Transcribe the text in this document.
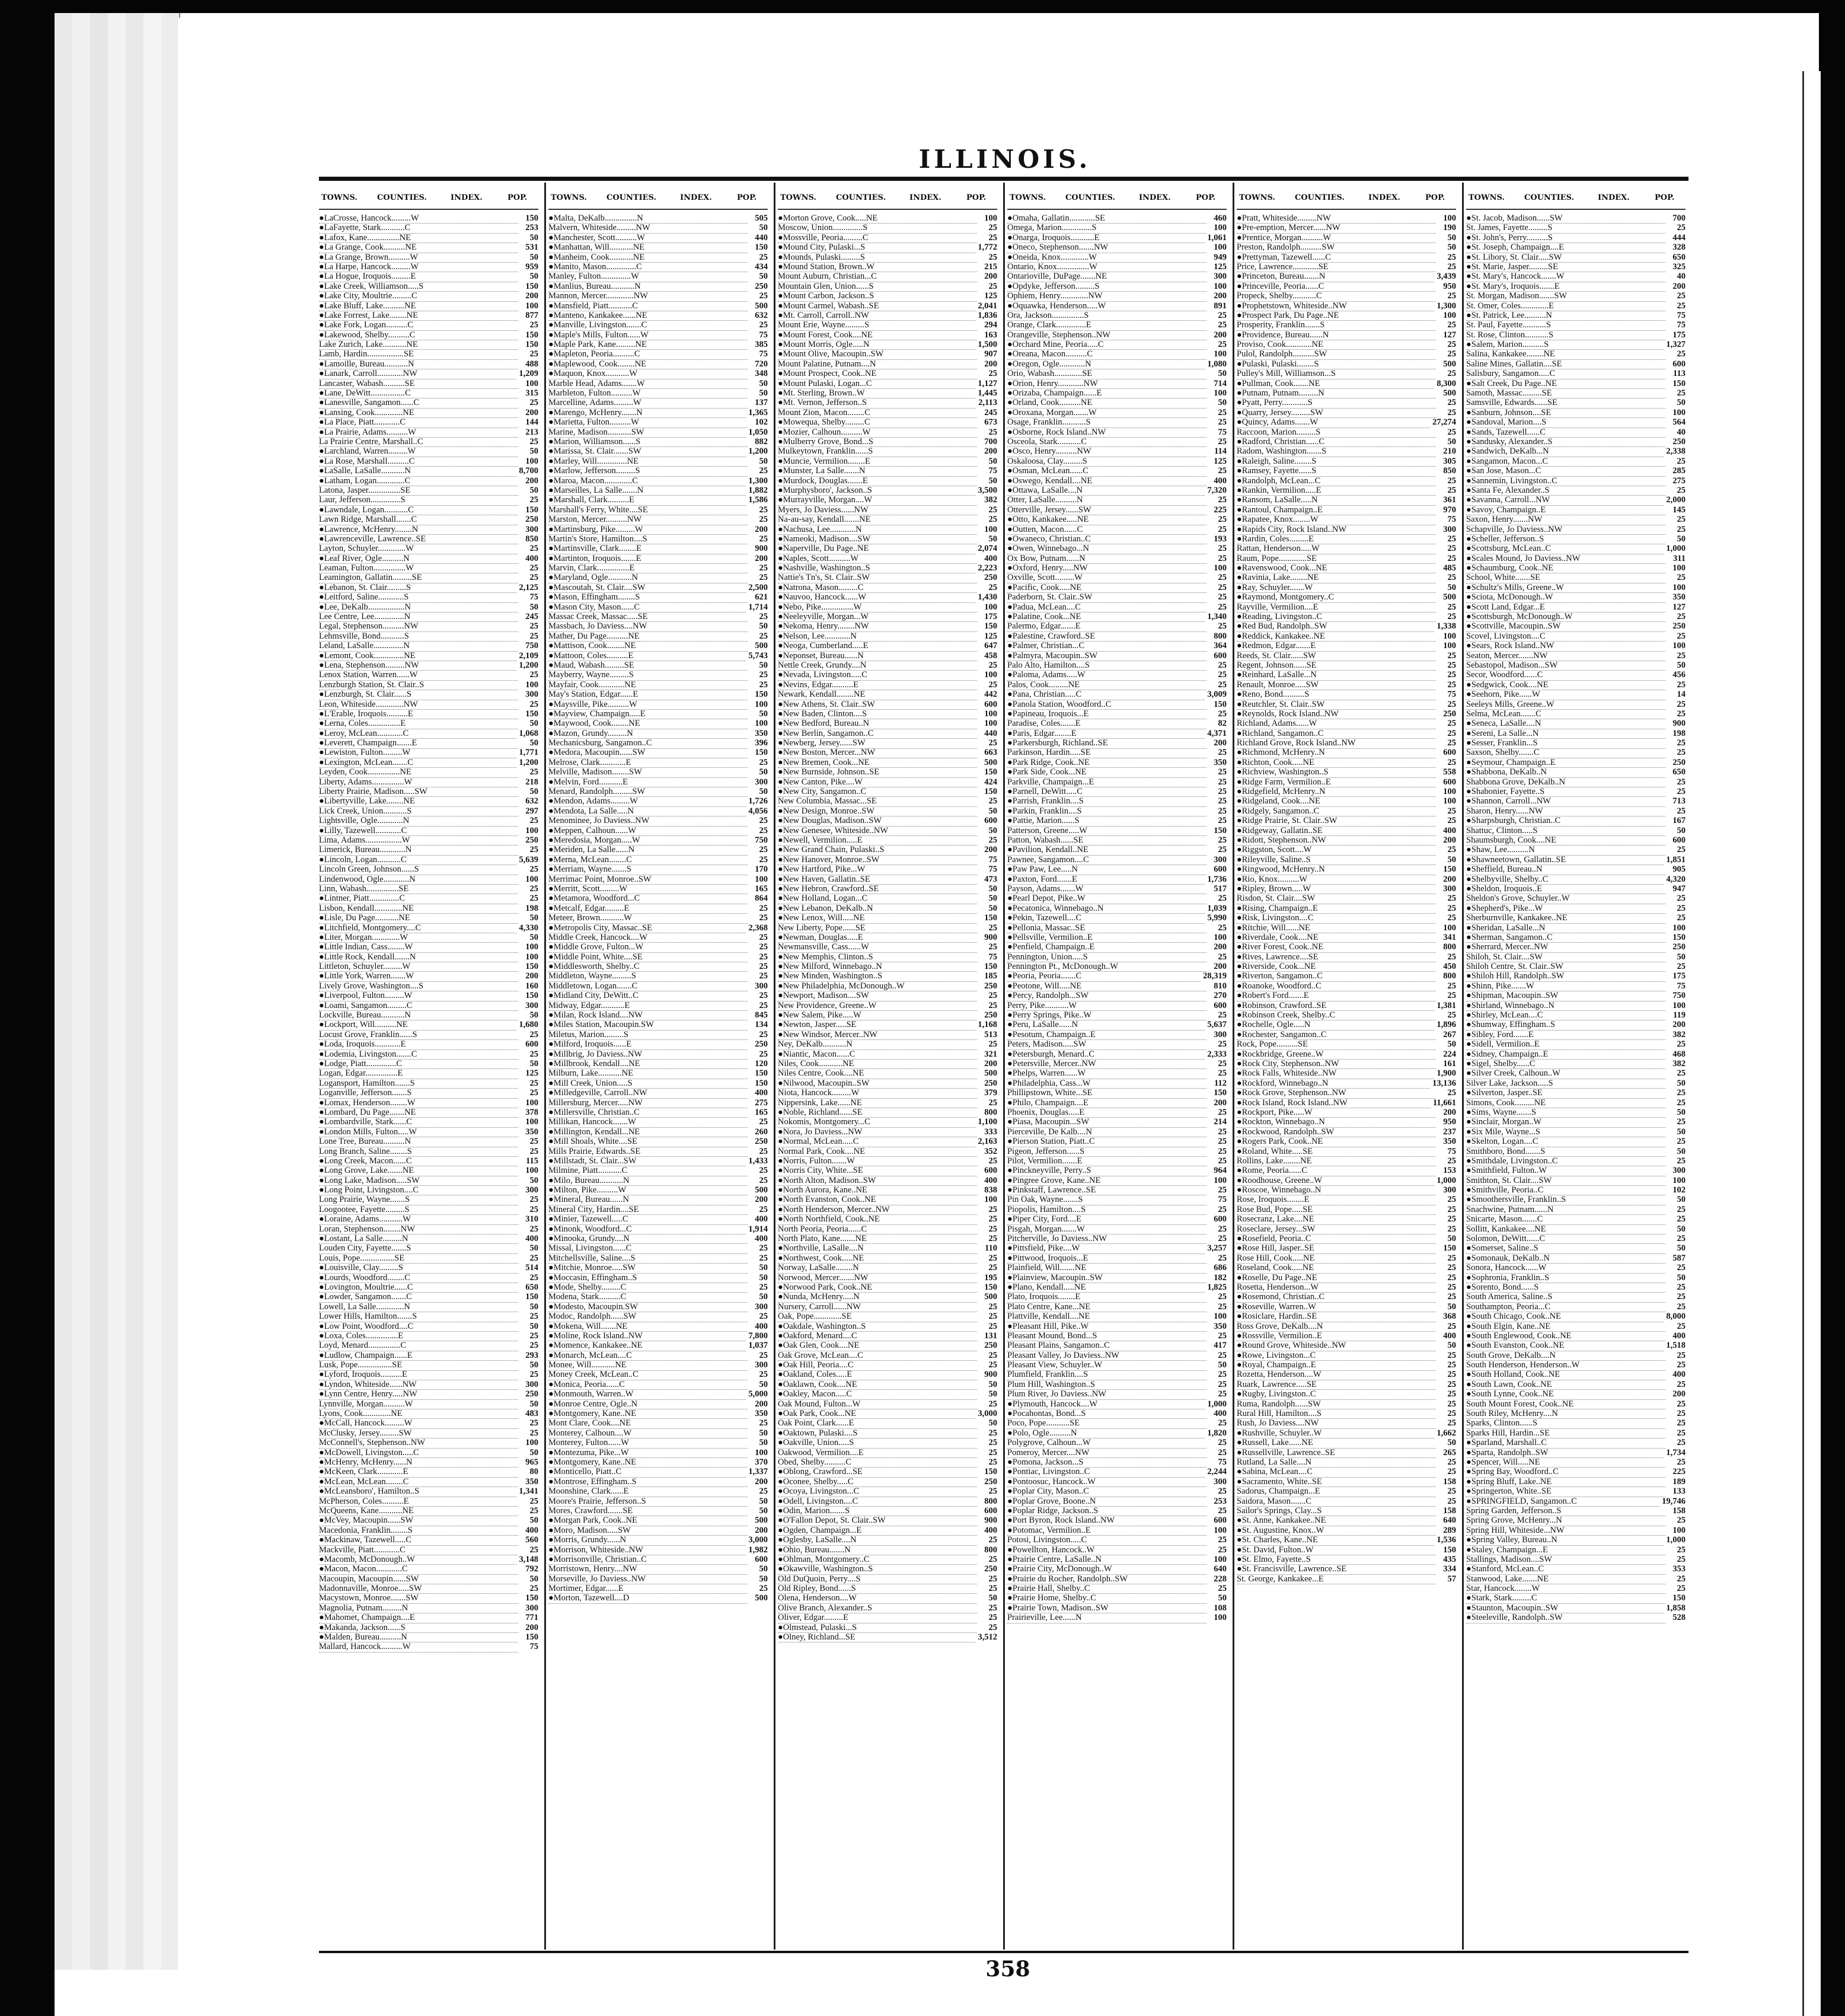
ILLINOIS.
TOWNS.	COUNTIES.	INDEX.	POP.
●LaCrosse, Hancock.........W	150
●LaFayette, Stark...........C	253
●Lafox, Kane...............NE	50
●La Grange, Cook..........NE	531
●La Grange, Brown..........W	50
●La Harpe, Hancock.........W	959
●La Hogue, Iroquois.........E	50
●Lake Creek, Williamson.....S	150
●Lake City, Moultrie.........C	200
●Lake Bluff, Lake..........NE	100
●Lake Forrest, Lake........NE	877
●Lake Fork, Logan..........C	25
●Lakewood, Shelby..........C	150
Lake Zurich, Lake...........NE	150
Lamb, Hardin.................SE	25
●Lamoille, Bureau...........N	488
●Lanark, Carroll............NW	1,209
Lancaster, Wabash..........SE	100
●Lane, DeWitt................C	315
●Lanesville, Sangamon......C	25
●Lansing, Cook.............NE	200
●La Place, Piatt............C	144
●La Prairie, Adams..........W	213
La Prairie Centre, Marshall..C	25
●Larchland, Warren.........W	50
●La Rose, Marshall..........C	100
●LaSalle, LaSalle...........N	8,700
●Latham, Logan.............C	200
Latona, Jasper...............SE	50
Laur, Jefferson..............S	25
●Lawndale, Logan...........C	150
Lawn Ridge, Marshall.......C	250
●Lawrence, McHenry........N	300
●Lawrenceville, Lawrence..SE	850
Layton, Schuyler.............W	25
●Leaf River, Ogle..........N	400
Leaman, Fulton...............W	25
Leamington, Gallatin.........SE	25
●Lebanon, St. Clair.........S	2,125
●Leitford, Saline............S	75
●Lee, DeKalb.................N	50
Lee Centre, Lee..............N	245
Legal, Stephenson..........NW	25
Lehmsville, Bond...........S	25
Leland, LaSalle..............N	750
●Lemont, Cook..............NE	2,109
●Lena, Stephenson.........NW	1,200
Lenox Station, Warren......W	25
Lenzburgh Station, St. Clair..S	100
●Lenzburgh, St. Clair......S	300
Leon, Whiteside.............NW	25
●L'Erable, Iroquois..........E	150
●Lerna, Coles...............E	50
●Leroy, McLean............C	1,068
●Leverett, Champaign.......E	50
●Lewiston, Fulton.........W	1,771
●Lexington, McLean.......C	1,200
Leyden, Cook...............NE	25
Liberty, Adams...............W	218
Liberty Prairie, Madison.....SW	50
●Libertyville, Lake........NE	632
Lick Creek, Union...........S	297
Lightsville, Ogle............N	25
●Lilly, Tazewell............C	100
Lima, Adams.................W	250
Limerick, Bureau............N	25
●Lincoln, Logan...........C	5,639
Lincoln Green, Johnson......S	25
Lindenwood, Ogle............N	100
Linn, Wabash...............SE	25
●Lintner, Piatt..............C	25
Lisbon, Kendall.............NE	198
●Lisle, Du Page...........NE	50
●Litchfield, Montgomery....C	4,330
●Liter, Morgan.............W	50
●Little Indian, Cass........W	100
●Little Rock, Kendall.......N	100
Littleton, Schuyler.........W	150
●Little York, Warren.......W	200
Lively Grove, Washington....S	160
●Liverpool, Fulton.........W	150
●Loami, Sangamon.........C	300
Lockville, Bureau...........N	50
●Lockport, Will..........NE	1,680
Locust Grove, Franklin......S	25
●Loda, Iroquois............E	600
●Lodemia, Livingston.......C	25
●Lodge, Piatt..............C	50
Logan, Edgar...............E	125
Logansport, Hamilton.......S	25
Loganville, Jefferson.......S	25
●Lomax, Henderson........W	100
●Lombard, Du Page.......NE	378
●Lombardville, Stark......C	100
●London Mills, Fulton.....W	350
Lone Tree, Bureau..........N	25
Long Branch, Saline........S	25
●Long Creek, Macon......C	115
●Long Grove, Lake.......NE	100
●Long Lake, Madison.....SW	50
●Long Point, Livingston....C	300
Long Prairie, Wayne.......S	25
Loogootee, Fayette.........S	25
●Loraine, Adams...........W	310
Loran, Stephenson........NW	25
●Lostant, La Salle.........N	400
Louden City, Fayette.......S	50
Louis, Pope................SE	25
●Louisville, Clay.........S	514
●Lourds, Woodford........C	25
●Lovington, Moultrie......C	650
●Lowder, Sangamon.......C	150
Lowell, La Salle.............N	50
Lower Hills, Hamilton.......S	25
●Low Point, Woodford....C	50
●Loxa, Coles...............E	25
Loyd, Menard...............C	25
●Ludlow, Champaign......E	293
Lusk, Pope................SE	50
●Lyford, Iroquois..........E	25
●Lyndon, Whiteside......NW	300
●Lynn Centre, Henry.....NW	250
Lynnville, Morgan..........W	50
Lyons, Cook.............NE	483
●McCall, Hancock.........W	25
McClusky, Jersey.........SW	25
McConnell's, Stephenson..NW	100
●McDowell, Livingston.....C	50
●McHenry, McHenry......N	965
●McKeen, Clark............E	80
●McLean, McLean........C	350
●McLeansboro', Hamilton..S	1,341
McPherson, Coles..........E	25
McQueens, Kane...........NE	25
●McVey, Macoupin......SW	50
Macedonia, Franklin........S	400
●Mackinaw, Tazewell.....C	560
Mackville, Piatt............C	25
●Macomb, McDonough..W	3,148
●Macon, Macon............C	792
Macoupin, Macoupin......SW	50
Madonnaville, Monroe.....SW	25
Macystown, Monroe.......SW	150
Magnolia, Putnam.........N	300
●Mahomet, Champaign....E	771
●Makanda, Jackson......S	200
●Malden, Bureau..........N	150
Mallard, Hancock..........W	75
TOWNS.	COUNTIES.	INDEX.	POP.
●Malta, DeKalb...............N	505
Malvern, Whiteside.........NW	50
●Manchester, Scott..........W	440
●Manhattan, Will...........NE	150
●Manheim, Cook...........NE	25
●Manito, Mason..............C	434
Manley, Fulton..............W	50
●Manlius, Bureau...........N	250
Mannon, Mercer.............NW	25
●Mansfield, Piatt...........C	500
●Manteno, Kankakee......NE	632
●Manville, Livingston.......C	25
●Maple's Mills, Fulton......W	75
●Maple Park, Kane.........NE	385
●Mapleton, Peoria..........C	75
●Maplewood, Cook........NE	720
●Maquon, Knox...........W	348
Marble Head, Adams.......W	50
Marbleton, Fulton..........W	50
Marcelline, Adams.........W	137
●Marengo, McHenry.......N	1,365
●Marietta, Fulton..........W	102
Marine, Madison...........SW	1,050
●Marion, Williamson......S	882
●Marissa, St. Clair.......SW	1,200
●Marley, Will..............NE	50
●Marlow, Jefferson.........S	25
●Maroa, Macon.............C	1,300
●Marseilles, La Salle.......N	1,882
●Marshall, Clark..........E	1,586
Marshall's Ferry, White....SE	25
Marston, Mercer..........NW	25
●Martinsburg, Pike.........W	200
Martin's Store, Hamilton....S	25
●Martinsville, Clark........E	900
●Martinton, Iroquois.......E	200
Marvin, Clark...............E	25
●Maryland, Ogle...........N	25
●Mascoutah, St. Clair....SW	2,500
●Mason, Effingham........S	621
●Mason City, Mason......C	1,714
Massac Creek, Massac.....SE	25
Massbach, Jo Daviess....NW	50
Mather, Du Page..........NE	25
●Mattison, Cook........NE	500
●Mattoon, Coles..........E	5,743
●Maud, Wabash.........SE	50
Mayberry, Wayne.........S	25
Mayfair, Cook............NE	25
May's Station, Edgar......E	150
●Maysville, Pike..........W	100
●Mayview, Champaign.....E	50
●Maywood, Cook........NE	100
●Mazon, Grundy.........N	350
Mechanicsburg, Sangamon..C	396
●Medora, Macoupin......SW	150
Melrose, Clark............E	25
Melville, Madison........SW	50
●Melvin, Ford...........E	300
Menard, Randolph.........SW	50
●Mendon, Adams.........W	1,726
●Mendota, La Salle.....N	4,056
Menominee, Jo Daviess..NW	25
●Meppen, Calhoun......W	25
●Meredosia, Morgan.....W	750
●Meriden, La Salle......N	25
●Merna, McLean........C	25
●Merriam, Wayne.......S	170
Merrimac Point, Monroe..SW	100
●Merritt, Scott.........W	165
●Metamora, Woodford...C	864
●Metcalf, Edgar.........E	25
Meteer, Brown...........W	25
●Metropolis City, Massac..SE	2,368
Middle Creek, Hancock....W	25
●Middle Grove, Fulton...W	25
●Middle Point, White....SE	25
●Middlesworth, Shelby..C	25
Middleton, Wayne.........S	25
Middletown, Logan.......C	300
●Midland City, DeWitt..C	25
Midway, Edgar...........E	25
●Milan, Rock Island....NW	845
●Miles Station, Macoupin.SW	134
Miletus, Marion.........S	25
●Milford, Iroquois......E	250
●Millbrig, Jo Daviess..NW	25
●Millbrook, Kendall....NE	120
Milburn, Lake...........NE	150
●Mill Creek, Union.....S	150
●Milledgeville, Carroll..NW	400
Millersburg, Mercer.....NW	275
●Millersville, Christian..C	165
Millikan, Hancock.......W	25
●Millington, Kendall...NE	260
●Mill Shoals, White....SE	250
Mills Prairie, Edwards..SE	25
●Millstadt, St. Clair...SW	1,433
Milmine, Piatt...........C	25
●Milo, Bureau...........N	25
●Milton, Pike..........W	500
●Mineral, Bureau......N	200
Mineral City, Hardin....SE	25
●Minier, Tazewell.....C	400
●Minonk, Woodford...C	1,914
●Minooka, Grundy....N	400
Missal, Livingston......C	25
Mitchellsville, Saline....S	25
●Mitchie, Monroe.....SW	50
●Moccasin, Effingham..S	50
●Mode, Shelby.........C	25
Modena, Stark..........C	50
●Modesto, Macoupin.SW	300
Modoc, Randolph......SW	25
●Mokena, Will.......NE	400
●Moline, Rock Island..NW	7,800
●Momence, Kankakee..NE	1,037
●Monarch, McLean....C	25
Monee, Will...........NE	300
Money Creek, McLean..C	25
●Monica, Peoria......C	50
●Monmouth, Warren..W	5,000
●Monroe Centre, Ogle..N	200
●Montgomery, Kane..NE	350
Mont Clare, Cook....NE	25
Monterey, Calhoun....W	50
Monterey, Fulton......W	50
●Montezuma, Pike...W	100
●Montgomery, Kane..NE	370
●Monticello, Piatt..C	1,337
●Montrose, Effingham..S	200
Moonshine, Clark......E	25
Moore's Prairie, Jefferson..S	50
Mores, Crawford.......SE	50
●Morgan Park, Cook..NE	500
●Moro, Madison.....SW	200
●Morris, Grundy......N	3,000
●Morrison, Whiteside..NW	1,982
●Morrisonville, Christian..C	600
Morristown, Henry....NW	50
Morseville, Jo Daviess..NW	50
Mortimer, Edgar......E	25
●Morton, Tazewell....D	500
TOWNS.	COUNTIES.	INDEX.	POP.
●Morton Grove, Cook.....NE	100
Moscow, Union..............S	25
●Mossville, Peoria.........C	25
●Mound City, Pulaski...S	1,772
●Mounds, Pulaski.........S	25
●Mound Station, Brown..W	215
Mount Auburn, Christian...C	200
Mountain Glen, Union......S	25
●Mount Carbon, Jackson..S	125
●Mount Carmel, Wabash..SE	2,041
●Mt. Carroll, Carroll..NW	1,836
Mount Erie, Wayne.........S	294
●Mount Forest, Cook....NE	163
●Mount Morris, Ogle.....N	1,500
●Mount Olive, Macoupin..SW	907
Mount Palatine, Putnam....N	200
●Mount Prospect, Cook..NE	25
●Mount Pulaski, Logan...C	1,127
●Mt. Sterling, Brown..W	1,445
●Mt. Vernon, Jefferson..S	2,113
Mount Zion, Macon........C	245
●Mowequa, Shelby.........C	673
●Mozier, Calhoun..........W	25
●Mulberry Grove, Bond...S	700
Mulkeytown, Franklin......S	200
●Muncie, Vermilion........E	50
●Munster, La Salle.......N	75
●Murdock, Douglas.......E	50
●Murphysboro', Jackson..S	3,500
●Murrayville, Morgan....W	382
Myers, Jo Daviess......NW	25
Na-au-say, Kendall.......NE	25
●Nachusa, Lee............N	100
●Nameoki, Madison....SW	50
●Naperville, Du Page..NE	2,074
●Naples, Scott..........W	400
●Nashville, Washington..S	2,223
Nattie's Tn's, St. Clair..SW	250
●Natrona, Mason.........C	25
●Nauvoo, Hancock......W	1,430
●Nebo, Pike...............W	100
●Neeleyville, Morgan...W	175
●Nekoma, Henry........NW	150
●Nelson, Lee............N	125
●Neoga, Cumberland.....E	647
●Neponset, Bureau......N	458
Nettle Creek, Grundy....N	25
●Nevada, Livingston.....C	100
●Nevins, Edgar..........E	25
Newark, Kendall........NE	442
●New Athens, St. Clair..SW	600
●New Baden, Clinton....S	100
●New Bedford, Bureau..N	100
●New Berlin, Sangamon..C	440
●Newberg, Jersey......SW	25
●New Boston, Mercer...NW	663
●New Bremen, Cook...NE	500
●New Burnside, Johnson..SE	150
●New Canton, Pike....W	424
●New City, Sangamon..C	150
New Columbia, Massac...SE	25
●New Design, Monroe..SW	50
●New Douglas, Madison..SW	600
●New Genesee, Whiteside..NW	50
●Newell, Vermilion.....E	25
●New Grand Chain, Pulaski..S	200
●New Hanover, Monroe..SW	75
●New Hartford, Pike...W	75
●New Haven, Gallatin..SE	473
●New Hebron, Crawford..SE	50
●New Holland, Logan...C	50
●New Lebanon, DeKalb..N	50
●New Lenox, Will.....NE	150
New Liberty, Pope......SE	25
●Newman, Douglas.....E	900
Newmansville, Cass......W	25
●New Memphis, Clinton..S	75
●New Milford, Winnebago..N	150
●New Minden, Washington..S	185
●New Philadelphia, McDonough..W	250
●Newport, Madison....SW	25
New Providence, Greene..W	25
●New Salem, Pike.....W	250
●Newton, Jasper.....SE	1,168
●New Windsor, Mercer..NW	513
Ney, DeKalb...........N	25
●Niantic, Macon......C	321
Niles, Cook...........NE	200
Niles Centre, Cook....NE	500
●Nilwood, Macoupin..SW	250
Niota, Hancock.........W	379
Nippersink, Lake......NE	25
●Noble, Richland......SE	800
Nokomis, Montgomery...C	1,100
●Nora, Jo Daviess...NW	333
●Normal, McLean.....C	2,163
Normal Park, Cook....NE	352
●Norris, Fulton.......W	25
●Norris City, White...SE	600
●North Alton, Madison..SW	400
●North Aurora, Kane..NE	838
●North Evanston, Cook..NE	100
●North Henderson, Mercer..NW	25
●North Northfield, Cook..NE	25
North Peoria, Peoria......C	25
North Plato, Kane.......NE	25
●Northville, LaSalle....N	110
●Northwest, Cook.....NE	25
Norway, LaSalle........N	25
Norwood, Mercer.......NW	195
●Norwood Park, Cook..NE	150
●Nunda, McHenry.....N	500
Nursery, Carroll......NW	25
Oak, Pope.............SE	25
●Oakdale, Washington..S	25
●Oakford, Menard....C	131
●Oak Glen, Cook....NE	250
Oak Grove, McLean....C	25
●Oak Hill, Peoria....C	25
●Oakland, Coles.....E	900
●Oaklawn, Cook....NE	50
●Oakley, Macon.....C	50
Oak Mound, Fulton...W	25
●Oak Park, Cook...NE	3,000
Oak Point, Clark......E	50
●Oaktown, Pulaski....S	25
●Oakville, Union.....S	25
Oakwood, Vermilion....E	25
Obed, Shelby..........C	25
●Oblong, Crawford...SE	150
●Oconee, Shelby.....C	250
●Ocoya, Livingston...C	25
●Odell, Livingston....C	800
●Odin, Marion.......S	600
●O'Fallon Depot, St. Clair..SW	900
●Ogden, Champaign...E	400
●Oglesby, LaSalle....N	25
●Ohio, Bureau.......N	800
●Ohlman, Montgomery..C	25
●Okawville, Washington..S	250
Old DuQuoin, Perry....S	25
Old Ripley, Bond......S	25
Olena, Henderson....W	50
Olive Branch, Alexander..S	25
Oliver, Edgar.........E	25
●Olmstead, Pulaski...S	25
●Olney, Richland...SE	3,512
TOWNS.	COUNTIES.	INDEX.	POP.
●Omaha, Gallatin............SE	460
Omega, Marion..............S	100
●Onarga, Iroquois...........E	1,061
●Oneco, Stephenson.......NW	100
●Oneida, Knox.............W	949
Ontario, Knox...............W	125
Ontarioville, DuPage.......NE	300
●Opdyke, Jefferson.........S	100
Ophiem, Henry.............NW	200
●Oquawka, Henderson.....W	891
Ora, Jackson...............S	25
Orange, Clark..............E	25
Orangeville, Stephenson..NW	200
●Orchard Mine, Peoria.....C	25
●Oreana, Macon..........C	100
●Oregon, Ogle............N	1,080
Orio, Wabash.............SE	50
●Orion, Henry............NW	714
●Orizaba, Champaign......E	100
●Orland, Cook..........NE	50
●Oroxana, Morgan.......W	25
Osage, Franklin...........S	25
●Osborne, Rock Island..NW	75
Osceola, Stark...........C	25
●Osco, Henry..........NW	114
Oskaloosa, Clay.........S	125
●Osman, McLean......C	25
●Oswego, Kendall....NE	400
●Ottawa, LaSalle....N	7,320
Otter, LaSalle..........N	25
Otterville, Jersey......SW	225
●Otto, Kankakee.....NE	25
●Outten, Macon......C	25
●Owaneco, Christian..C	193
●Owen, Winnebago...N	25
Ox Bow, Putnam......N	25
●Oxford, Henry.....NW	100
Oxville, Scott.........W	25
●Pacific, Cook.....NE	25
Paderborn, St. Clair..SW	25
●Padua, McLean....C	25
●Palatine, Cook...NE	1,340
Palermo, Edgar.......E	25
●Palestine, Crawford..SE	800
●Palmer, Christian...C	364
●Palmyra, Macoupin..SW	600
Palo Alto, Hamilton....S	25
●Paloma, Adams.....W	25
Palos, Cook.........NE	25
●Pana, Christian.....C	3,009
●Panola Station, Woodford..C	150
●Papineau, Iroquois...E	25
Paradise, Coles.......E	82
●Paris, Edgar........E	4,371
●Parkersburgh, Richland..SE	200
Parkinson, Hardin.....SE	25
●Park Ridge, Cook..NE	350
●Park Side, Cook...NE	25
Parkville, Champaign...E	25
●Parnell, DeWitt.....C	25
●Parrish, Franklin....S	25
●Parkin, Franklin....S	25
●Pattie, Marion......S	25
Patterson, Greene.....W	150
Patton, Wabash......SE	25
●Pavilion, Kendall..NE	25
Pawnee, Sangamon....C	300
●Paw Paw, Lee.....N	600
●Paxton, Ford.......E	1,736
Payson, Adams.......W	517
●Pearl Depot, Pike..W	25
●Pecatonica, Winnebago..N	1,039
●Pekin, Tazewell....C	5,990
●Pellonia, Massac..SE	25
●Pellsville, Vermilion..E	100
●Penfield, Champaign..E	200
Pennington, Union.....S	25
Pennington Pt., McDonough..W	200
●Peoria, Peoria.......C	28,319
●Peotone, Will.....NE	810
●Percy, Randolph...SW	270
Perry, Pike...........W	600
●Perry Springs, Pike..W	25
●Peru, LaSalle......N	5,637
●Pesotum, Champaign..E	300
Peters, Madison.....SW	25
●Petersburgh, Menard..C	2,333
●Petersville, Mercer..NW	25
●Phelps, Warren......W	25
●Philadelphia, Cass...W	112
Phillipstown, White...SE	150
●Philo, Champaign....E	200
Phoenix, Douglas.....E	25
●Piasa, Macoupin...SW	214
Pierceville, De Kalb....N	25
●Pierson Station, Piatt..C	25
Pigeon, Jefferson......S	25
Pilot, Vermilion.......E	25
●Pinckneyville, Perry..S	964
●Pingree Grove, Kane..NE	100
●Pinkstaff, Lawrence..SE	25
Pin Oak, Wayne.......S	75
Piopolis, Hamilton....S	25
●Piper City, Ford....E	600
Pisgah, Morgan.......W	25
Pitcherville, Jo Daviess..NW	25
●Pittsfield, Pike....W	3,257
●Pittwood, Iroquois...E	25
Plainfield, Will.......NE	686
●Plainview, Macoupin..SW	182
●Plano, Kendall.....NE	1,825
Plato, Iroquois........E	25
Plato Centre, Kane...NE	25
Plattville, Kendall....NE	100
●Pleasant Hill, Pike..W	350
Pleasant Mound, Bond...S	25
Pleasant Plains, Sangamon..C	417
Pleasant Valley, Jo Daviess..NW	25
Pleasant View, Schuyler..W	50
Plumfield, Franklin....S	25
Plum Hill, Washington..S	25
Plum River, Jo Daviess..NW	25
●Plymouth, Hancock....W	1,000
●Pocahontas, Bond...S	400
Poco, Pope...........SE	25
●Polo, Ogle..........N	1,820
Polygrove, Calhoun...W	25
Pomeroy, Mercer....NW	25
●Pomona, Jackson...S	75
●Pontiac, Livingston..C	2,244
●Pontoosuc, Hancock..W	300
●Poplar City, Mason..C	25
●Poplar Grove, Boone..N	253
●Poplar Ridge, Jackson..S	25
●Port Byron, Rock Island..NW	600
●Potomac, Vermilion..E	100
Potosi, Livingston.....C	25
●Powellton, Hancock..W	25
●Prairie Centre, LaSalle..N	100
●Prairie City, McDonough..W	640
●Prairie du Rocher, Randolph..SW	228
●Prairie Hall, Shelby..C	25
●Prairie Home, Shelby..C	50
●Prairie Town, Madison..SW	108
Prairieville, Lee......N	100
TOWNS.	COUNTIES.	INDEX.	POP.
●Pratt, Whiteside.........NW	100
●Pre-emption, Mercer......NW	190
●Prentice, Morgan..........W	50
Preston, Randolph..........SW	50
●Prettyman, Tazewell......C	25
Price, Lawrence............SE	25
●Princeton, Bureau.......N	3,439
●Princeville, Peoria......C	950
Propeck, Shelby...........C	25
●Prophetstown, Whiteside..NW	1,300
●Prospect Park, Du Page..NE	100
Prosperity, Franklin.......S	25
●Providence, Bureau......N	127
Proviso, Cook............NE	25
Pulol, Randolph..........SW	25
●Pulaski, Pulaski........S	500
Pulley's Mill, Williamson...S	25
●Pullman, Cook.......NE	8,300
●Putnam, Putnam.........N	500
●Pyatt, Perry............S	25
●Quarry, Jersey.........SW	25
●Quincy, Adams.......W	27,274
Raccoon, Marion.........S	25
●Radford, Christian......C	50
Radom, Washington.......S	210
●Raleigh, Saline........S	305
●Ramsey, Fayette......S	850
●Randolph, McLean...C	25
●Rankin, Vermilion.....E	25
●Ransom, LaSalle.....N	361
●Rantoul, Champaign..E	970
●Rapatee, Knox........W	75
●Rapids City, Rock Island..NW	300
●Rardin, Coles.........E	25
Rattan, Henderson.....W	25
Raum, Pope.............SE	25
●Ravenswood, Cook...NE	485
●Ravinia, Lake........NE	25
●Ray, Schuyler.......W	50
●Raymond, Montgomery..C	500
Rayville, Vermilion....E	25
●Reading, Livingston..C	25
●Red Bud, Randolph..SW	1,338
●Reddick, Kankakee..NE	100
●Redmon, Edgar.......E	100
Reeds, St. Clair......SW	25
Regent, Johnson......SE	25
●Reinhard, LaSalle...N	25
Renault, Monroe.....SW	25
●Reno, Bond..........S	75
●Reutchler, St. Clair..SW	25
●Reynolds, Rock Island..NW	250
Richland, Adams......W	25
●Richland, Sangamon..C	25
Richland Grove, Rock Island..NW	25
●Richmond, McHenry..N	600
●Richton, Cook.....NE	25
●Richview, Washington..S	558
●Ridge Farm, Vermilion..E	600
●Ridgefield, McHenry..N	100
●Ridgeland, Cook....NE	100
●Ridgely, Sangamon..C	25
●Ridge Prairie, St. Clair..SW	25
●Ridgeway, Gallatin..SE	400
●Ridott, Stephenson..NW	200
●Riggston, Scott....W	25
●Rileyville, Saline..S	50
●Ringwood, McHenry..N	150
●Rio, Knox..........W	200
●Ripley, Brown.....W	300
Risdon, St. Clair....SW	25
●Rising, Champaign..E	25
●Risk, Livingston....C	25
●Ritchie, Will......NE	100
●Riverdale, Cook....NE	341
●River Forest, Cook..NE	800
●Rives, Lawrence....SE	25
●Riverside, Cook...NE	450
●Riverton, Sangamon..C	800
●Roanoke, Woodford..C	25
●Robert's Ford.......E	25
●Robinson, Crawford..SE	1,381
●Robinson Creek, Shelby..C	25
●Rochelle, Ogle.....N	1,896
●Rochester, Sangamon..C	267
Rock, Pope..........SE	50
●Rockbridge, Greene..W	224
●Rock City, Stephenson..NW	161
●Rock Falls, Whiteside..NW	1,900
●Rockford, Winnebago..N	13,136
●Rock Grove, Stephenson..NW	25
●Rock Island, Rock Island..NW	11,661
●Rockport, Pike.....W	200
●Rockton, Winnebago..N	950
●Rockwood, Randolph..SW	237
●Rogers Park, Cook..NE	350
●Roland, White.....SE	75
Rollins, Lake........NE	25
●Rome, Peoria......C	153
●Roodhouse, Greene..W	1,000
●Roscoe, Winnebago..N	300
Rose, Iroquois........E	25
Rose Bud, Pope.....SE	25
Rosecranz, Lake....NE	25
Roseclare, Jersey...SW	25
●Rosefield, Peoria..C	50
●Rose Hill, Jasper..SE	150
Rose Hill, Cook.....NE	25
Roseland, Cook.....NE	25
●Roselle, Du Page..NE	25
Rosetta, Henderson...W	25
●Rosemond, Christian..C	25
●Roseville, Warren..W	50
●Rosiclare, Hardin..SE	368
Ross Grove, DeKalb....N	25
●Rossville, Vermilion..E	400
●Round Grove, Whiteside..NW	50
●Rowe, Livingston...C	25
●Royal, Champaign..E	25
Rozetta, Henderson....W	25
Ruark, Lawrence.....SE	25
●Rugby, Livingston..C	25
Ruma, Randolph......SW	25
Rural Hill, Hamilton....S	25
Rush, Jo Daviess....NW	25
●Rushville, Schuyler..W	1,662
●Russell, Lake......NE	50
●Russellville, Lawrence..SE	265
Rutland, La Salle....N	25
●Sabina, McLean....C	25
●Sacramento, White..SE	158
Sadorus, Champaign...E	25
Saidora, Mason.......C	25
Sailor's Springs, Clay...S	158
●St. Anne, Kankakee..NE	640
●St. Augustine, Knox..W	289
●St. Charles, Kane..NE	1,536
●St. David, Fulton..W	150
●St. Elmo, Fayette..S	435
●St. Francisville, Lawrence..SE	334
St. George, Kankakee...E	57
TOWNS.	COUNTIES.	INDEX.	POP.
●St. Jacob, Madison......SW	700
St. James, Fayette.........S	25
●St. John's, Perry..........S	444
●St. Joseph, Champaign....E	328
●St. Libory, St. Clair.....SW	650
●St. Marie, Jasper.........SE	325
●St. Mary's, Hancock.......W	40
●St. Mary's, Iroquois.......E	200
St. Morgan, Madison.......SW	25
St. Omer, Coles.............E	25
●St. Patrick, Lee..........N	75
St. Paul, Fayette...........S	75
St. Rose, Clinton...........S	175
●Salem, Marion..........S	1,327
Salina, Kankakee........NE	25
Saline Mines, Gallatin....SE	600
Salisbury, Sangamon.....C	113
●Salt Creek, Du Page..NE	150
Samoth, Massac.........SE	25
Samsville, Edwards......SE	50
●Sanburn, Johnson....SE	100
●Sandoval, Marion....S	564
●Sands, Tazewell......C	40
●Sandusky, Alexander..S	250
●Sandwich, DeKalb...N	2,338
●Sangamon, Macon...C	25
●San Jose, Mason...C	285
●Sannemin, Livingston..C	275
●Santa Fe, Alexander..S	25
●Savanna, Carroll...NW	2,000
●Savoy, Champaign..E	145
Saxon, Henry.......NW	25
Schapville, Jo Daviess..NW	25
●Scheller, Jefferson..S	50
●Scottsburg, McLean..C	1,000
●Scales Mound, Jo Daviess..NW	311
●Schaumburg, Cook..NE	100
School, White.......SE	25
●Schultz's Mills, Greene..W	100
●Sciota, McDonough..W	350
●Scott Land, Edgar...E	127
●Scottsburgh, McDonough..W	25
●Scottville, Macoupin..SW	250
Scovel, Livingston....C	25
●Sears, Rock Island..NW	100
Seaton, Mercer.......NW	25
Sebastopol, Madison...SW	50
Secor, Woodford......C	456
●Sedgwick, Cook....NE	25
●Seehorn, Pike......W	14
Seeleys Mills, Greene..W	25
Selma, McLean.......C	25
●Seneca, LaSalle....N	900
●Sereni, La Salle...N	198
●Sesser, Franklin...S	25
Saxson, Shelby.......C	25
●Seymour, Champaign..E	250
●Shabbona, DeKalb..N	650
Shabbona Grove, DeKalb..N	25
●Shabonier, Fayette..S	25
●Shannon, Carroll...NW	713
Sharon, Henry......NW	25
●Sharpsburgh, Christian..C	167
Shattuc, Clinton.....S	50
Shaumsburgh, Cook....NE	600
●Shaw, Lee..........N	25
●Shawneetown, Gallatin..SE	1,851
●Sheffield, Bureau..N	905
●Shelbyville, Shelby..C	4,320
●Sheldon, Iroquois..E	947
Sheldon's Grove, Schuyler..W	25
●Shepherd's, Pike...W	25
Sherburnville, Kankakee..NE	25
●Sheridan, LaSalle...N	100
●Sherman, Sangamon..C	150
●Sherrard, Mercer..NW	250
Shiloh, St. Clair....SW	50
Shiloh Centre, St. Clair..SW	25
●Shiloh Hill, Randolph..SW	175
●Shinn, Pike.......W	75
●Shipman, Macoupin..SW	750
●Shirland, Winnebago..N	100
●Shirley, McLean....C	119
●Shumway, Effingham..S	200
●Sibley, Ford.......E	382
●Sidell, Vermilion..E	25
●Sidney, Champaign..E	468
●Sigel, Shelby......C	382
●Silver Creek, Calhoun..W	25
Silver Lake, Jackson.....S	50
●Silverton, Jasper..SE	25
Simons, Cook.........NE	25
●Sims, Wayne.......S	50
●Sinclair, Morgan..W	25
●Six Mile, Wayne...S	50
●Skelton, Logan....C	25
Smithboro, Bond.......S	50
●Smithdale, Livingston..C	25
●Smithfield, Fulton..W	300
Smithton, St. Clair....SW	100
●Smithville, Peoria..C	102
●Smoothersville, Franklin..S	50
Snachwine, Putnam......N	25
Snicarte, Mason.......C	25
Sollitt, Kankakee....NE	50
Solomon, DeWitt......C	25
●Somerset, Saline..S	50
●Somonauk, DeKalb..N	587
Sonora, Hancock......W	25
●Sophronia, Franklin..S	50
●Sorento, Bond......S	25
South America, Saline..S	25
Southampton, Peoria...C	25
●South Chicago, Cook..NE	8,000
●South Elgin, Kane..NE	25
●South Englewood, Cook..NE	400
●South Evanston, Cook..NE	1,518
South Grove, DeKalb....N	25
South Henderson, Henderson..W	25
●South Holland, Cook..NE	400
●South Lawn, Cook..NE	25
●South Lynne, Cook..NE	200
South Mount Forest, Cook..NE	25
South Riley, McHenry....N	25
Sparks, Clinton......S	25
Sparks Hill, Hardin...SE	25
●Sparland, Marshall..C	25
●Sparta, Randolph..SW	1,734
●Spencer, Will.....NE	25
●Spring Bay, Woodford..C	225
●Spring Bluff, Lake..NE	189
●Springerton, White..SE	133
●SPRINGFIELD, Sangamon..C	19,746
Spring Garden, Jefferson..S	158
Spring Grove, McHenry...N	25
Spring Hill, Whiteside...NW	100
●Spring Valley, Bureau..N	1,000
●Staley, Champaign...E	25
Stallings, Madison....SW	25
●Stanford, McLean..C	353
Stanwood, Lake.......NE	25
Star, Hancock........W	25
●Stark, Stark.........C	150
●Staunton, Macoupin..SW	1,858
●Steeleville, Randolph..SW	528
358
